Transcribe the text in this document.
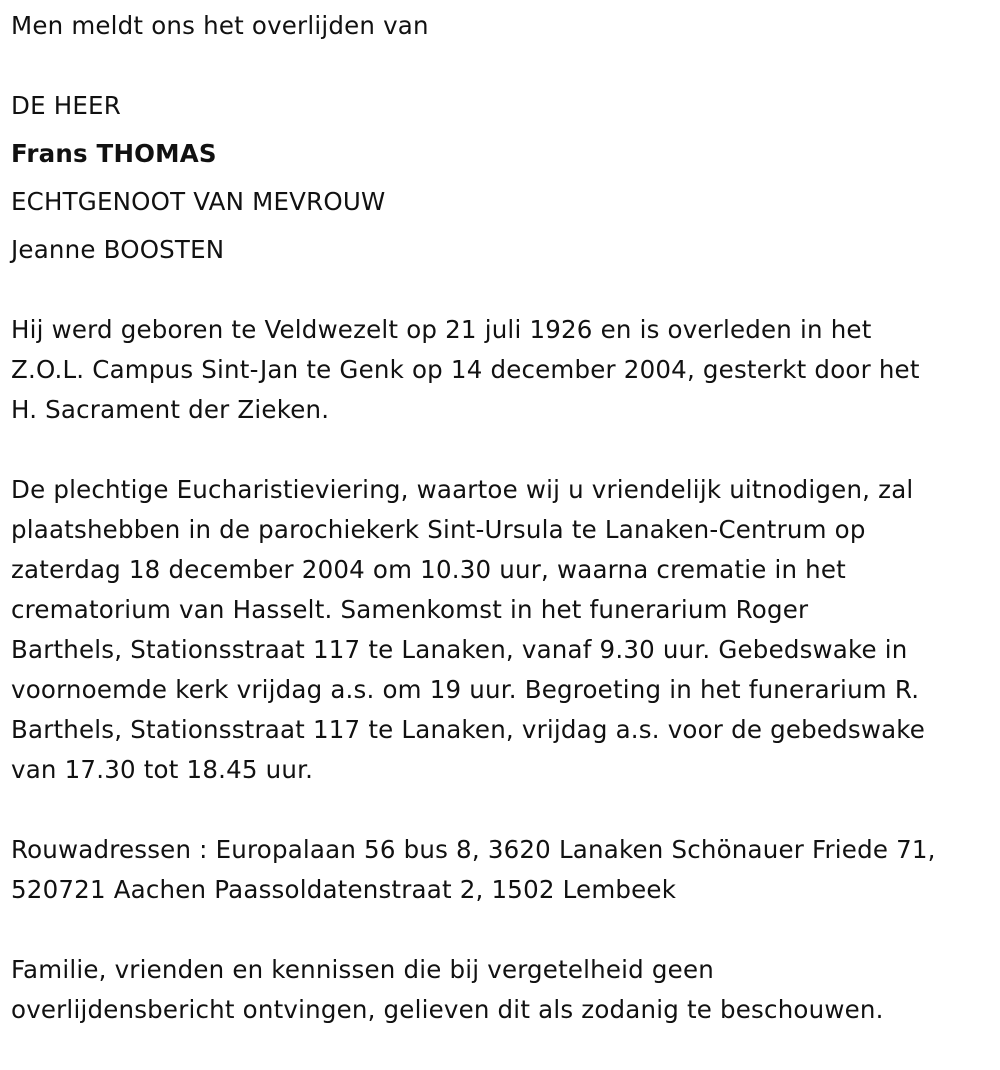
Men meldt ons het overlijden van
DE HEER
Frans THOMAS
ECHTGENOOT VAN MEVROUW
Jeanne BOOSTEN
Hij werd geboren te Veldwezelt op 21 juli 1926 en is overleden in het
Z.O.L. Campus Sint-Jan te Genk op 14 december 2004, gesterkt door het
H. Sacrament der Zieken.
De plechtige Eucharistieviering, waartoe wij u vriendelijk uitnodigen, zal
plaatshebben in de parochiekerk Sint-Ursula te Lanaken-Centrum op
zaterdag 18 december 2004 om 10.30 uur, waarna crematie in het
crematorium van Hasselt. Samenkomst in het funerarium Roger
Barthels, Stationsstraat 117 te Lanaken, vanaf 9.30 uur. Gebedswake in
voornoemde kerk vrijdag a.s. om 19 uur. Begroeting in het funerarium R.
Barthels, Stationsstraat 117 te Lanaken, vrijdag a.s. voor de gebedswake
van 17.30 tot 18.45 uur.
Rouwadressen : Europalaan 56 bus 8, 3620 Lanaken Schönauer Friede 71,
520721 Aachen Paassoldatenstraat 2, 1502 Lembeek
Familie, vrienden en kennissen die bij vergetelheid geen
overlijdensbericht ontvingen, gelieven dit als zodanig te beschouwen.
